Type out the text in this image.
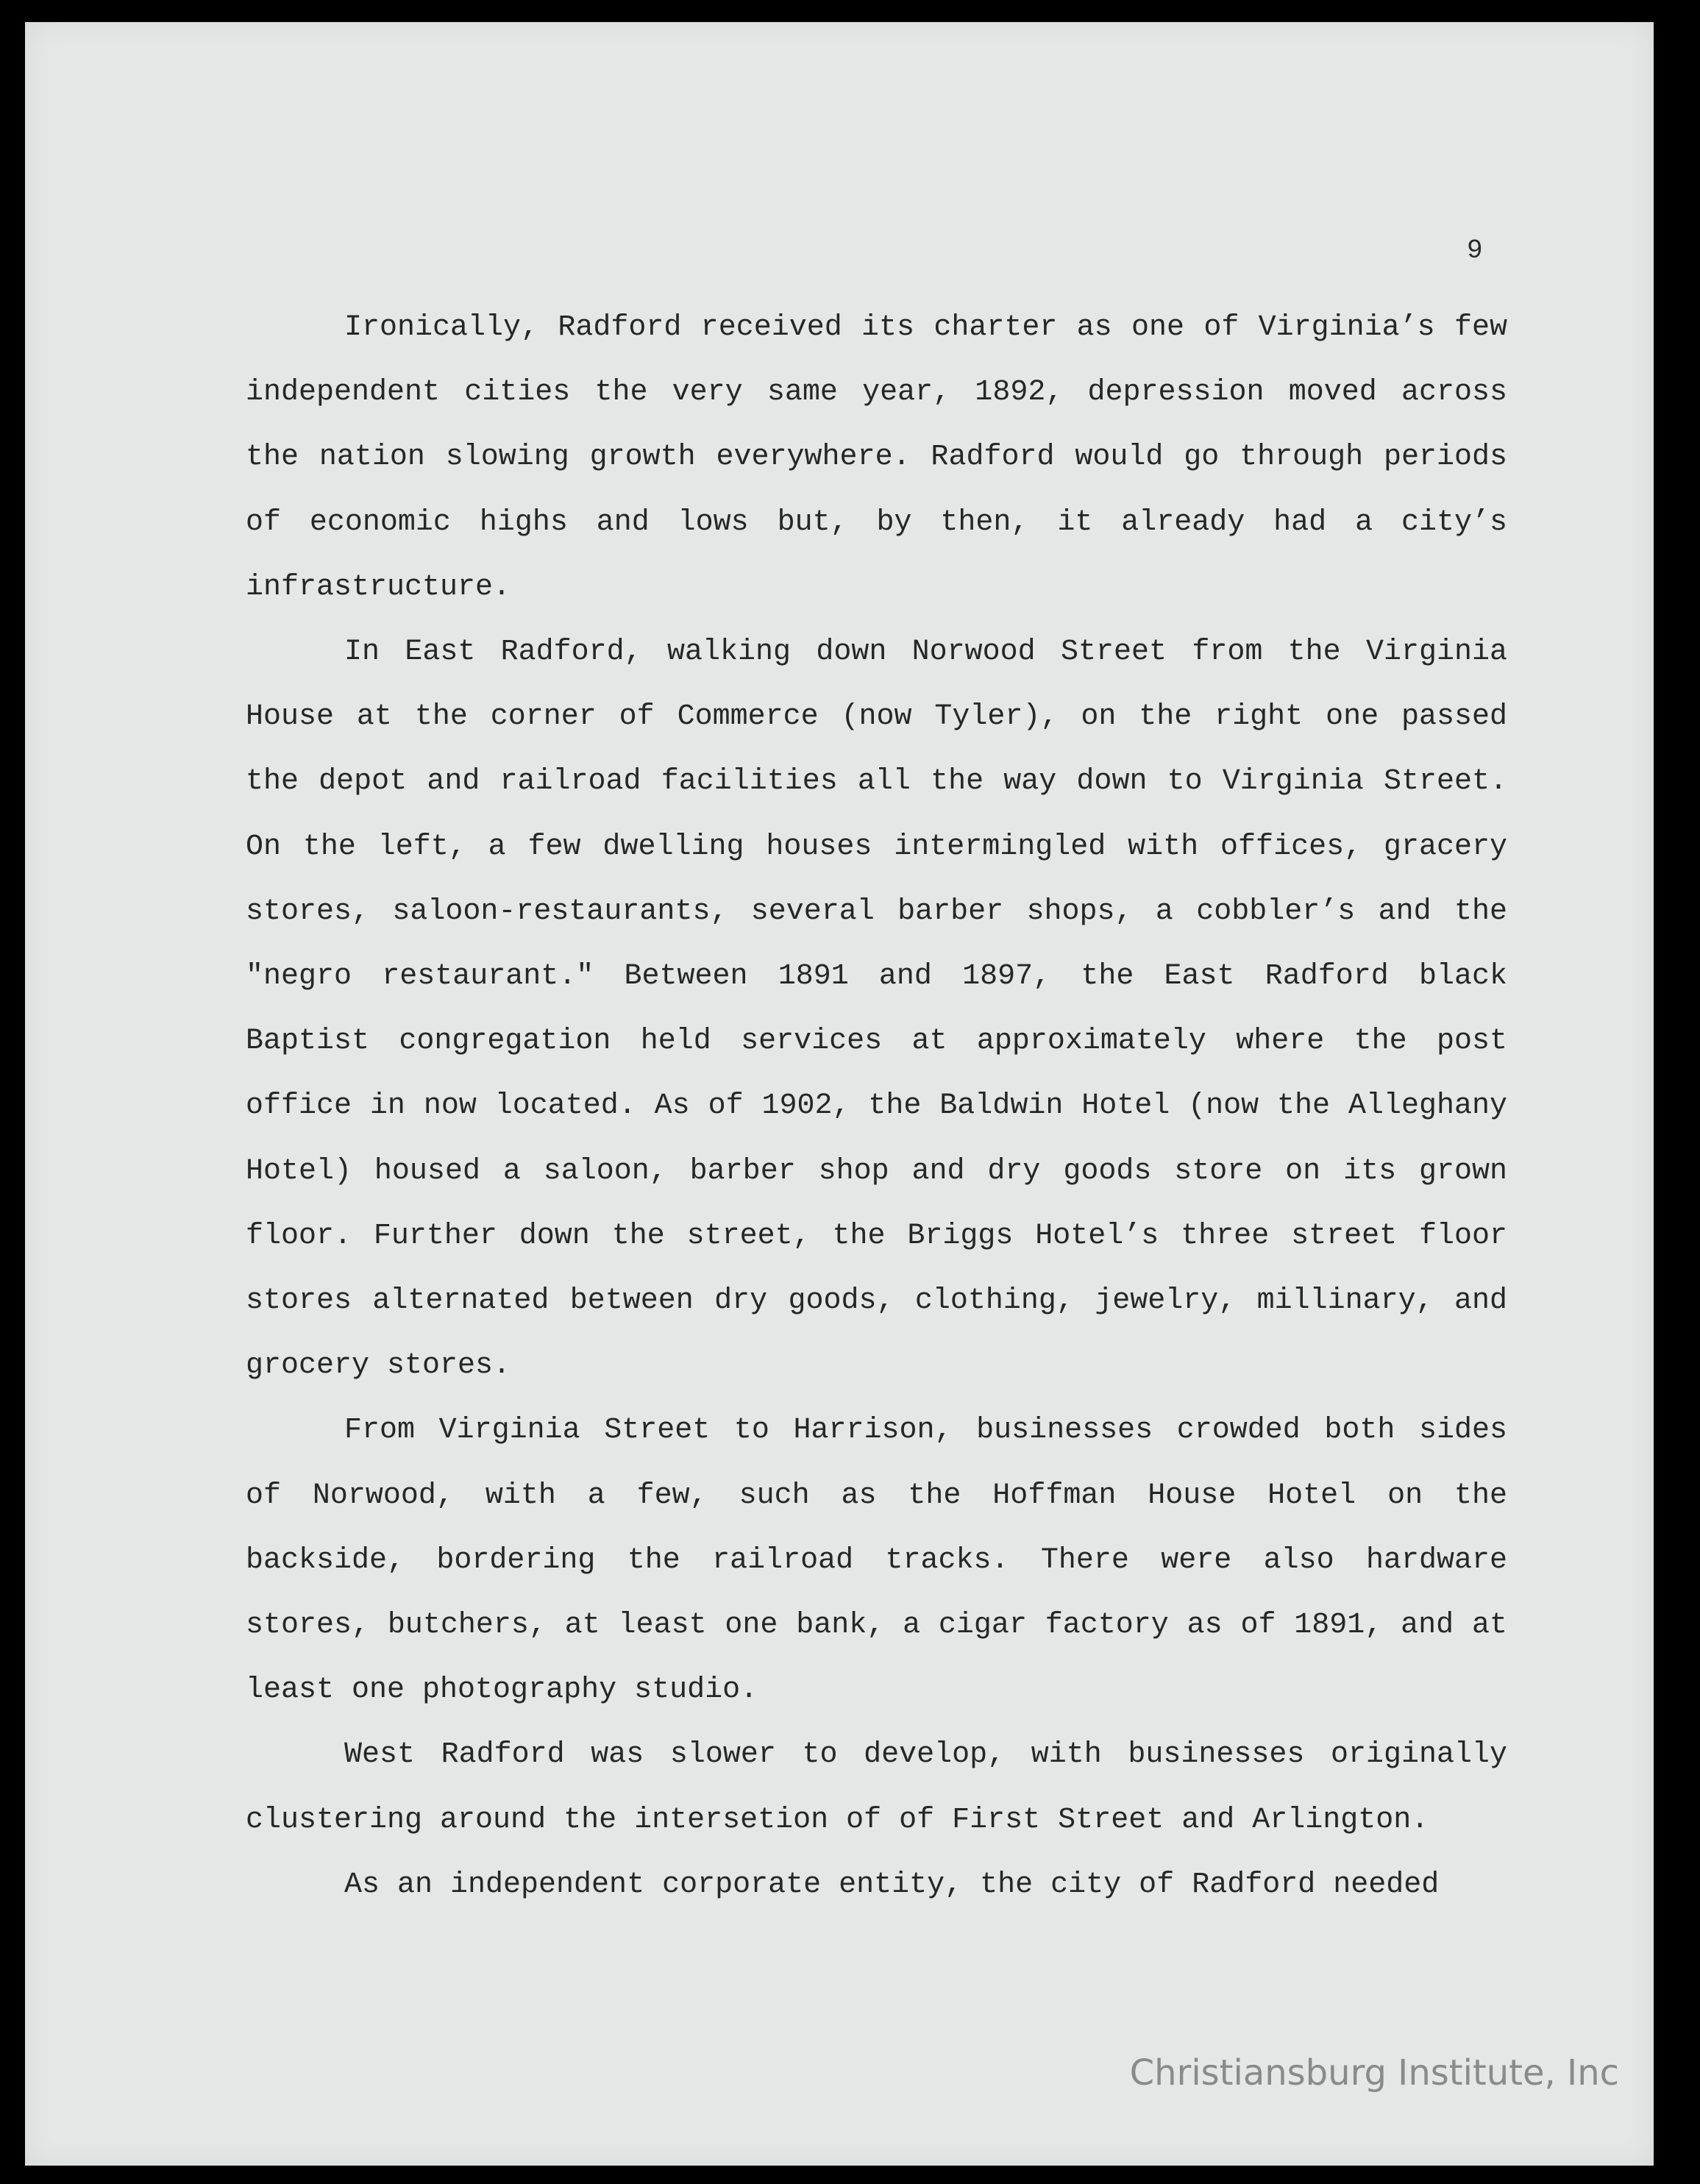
9

Ironically, Radford received its charter as one of Virginia’s few independent cities the very same year, 1892, depression moved across the nation slowing growth everywhere. Radford would go through periods of economic highs and lows but, by then, it already had a city’s infrastructure.

In East Radford, walking down Norwood Street from the Virginia House at the corner of Commerce (now Tyler), on the right one passed the depot and railroad facilities all the way down to Virginia Street. On the left, a few dwelling houses intermingled with offices, gracery stores, saloon-restaurants, several barber shops, a cobbler’s and the "negro restaurant." Between 1891 and 1897, the East Radford black Baptist congregation held services at approximately where the post office in now located. As of 1902, the Baldwin Hotel (now the Alleghany Hotel) housed a saloon, barber shop and dry goods store on its grown floor. Further down the street, the Briggs Hotel’s three street floor stores alternated between dry goods, clothing, jewelry, millinary, and grocery stores.

From Virginia Street to Harrison, businesses crowded both sides of Norwood, with a few, such as the Hoffman House Hotel on the backside, bordering the railroad tracks. There were also hardware stores, butchers, at least one bank, a cigar factory as of 1891, and at least one photography studio.

West Radford was slower to develop, with businesses originally clustering around the intersetion of of First Street and Arlington.

As an independent corporate entity, the city of Radford needed

Christiansburg Institute, Inc
